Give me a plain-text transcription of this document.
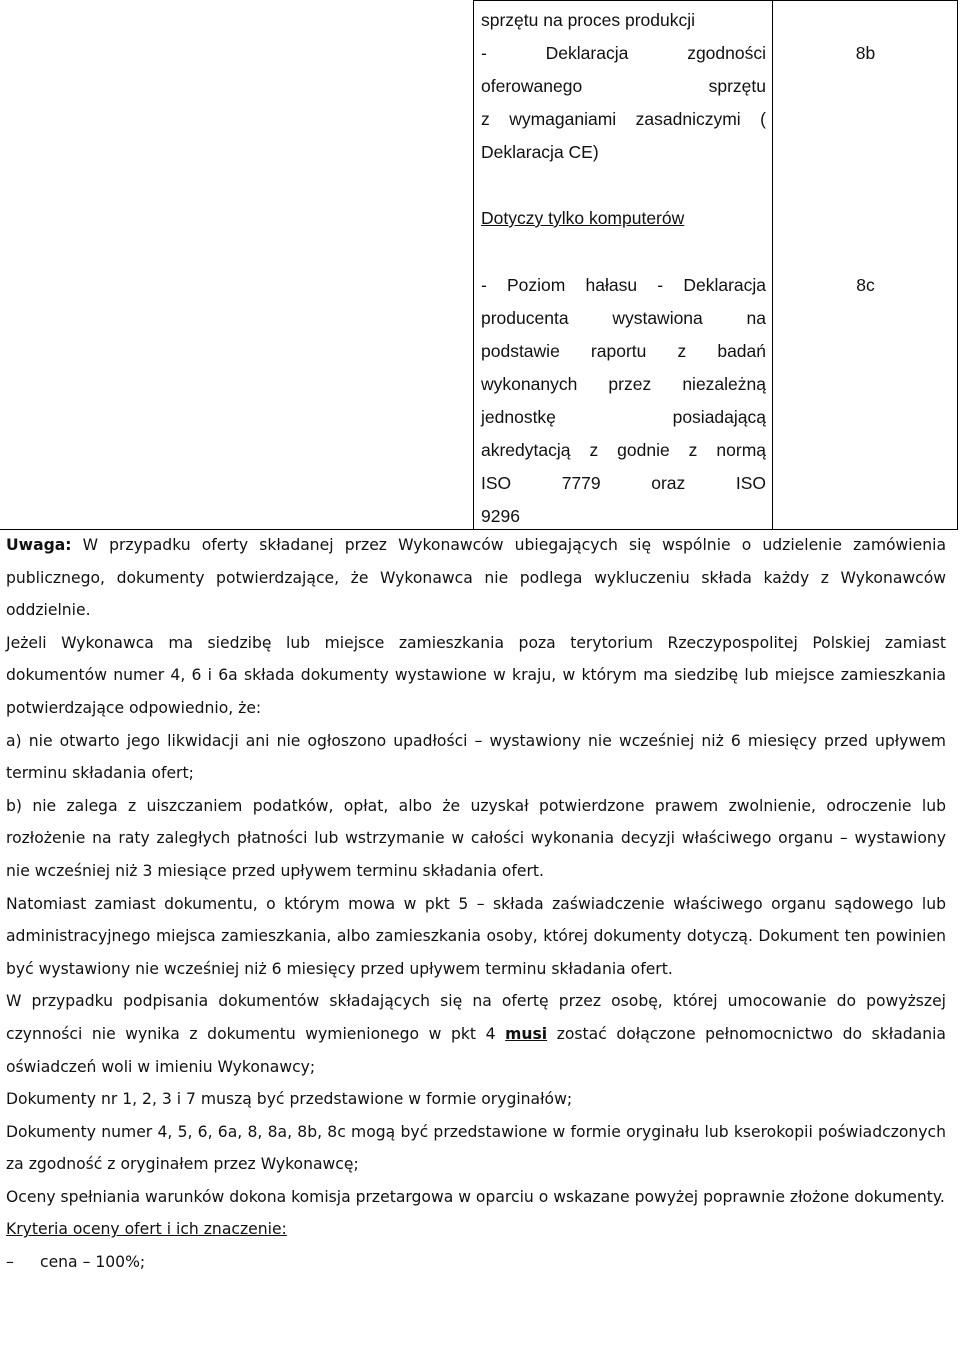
sprzętu na proces produkcji

- Deklaracja zgodności

oferowanego sprzętu

z wymaganiami zasadniczymi (

Deklaracja CE)

8b

Dotyczy tylko komputerów

- Poziom hałasu - Deklaracja

producenta wystawiona na

podstawie raportu z badań

wykonanych przez niezależną

jednostkę posiadającą

akredytacją z godnie z normą

ISO 7779 oraz ISO

9296

8c

Uwaga: W przypadku oferty składanej przez Wykonawców ubiegających się wspólnie o udzielenie zamówienia publicznego, dokumenty potwierdzające, że Wykonawca nie podlega wykluczeniu składa każdy z Wykonawców oddzielnie.

Jeżeli Wykonawca ma siedzibę lub miejsce zamieszkania poza terytorium Rzeczypospolitej Polskiej zamiast dokumentów numer 4, 6 i 6a składa dokumenty wystawione w kraju, w którym ma siedzibę lub miejsce zamieszkania potwierdzające odpowiednio, że:

a) nie otwarto jego likwidacji ani nie ogłoszono upadłości – wystawiony nie wcześniej niż 6 miesięcy przed upływem terminu składania ofert;

b) nie zalega z uiszczaniem podatków, opłat, albo że uzyskał potwierdzone prawem zwolnienie, odroczenie lub rozłożenie na raty zaległych płatności lub wstrzymanie w całości wykonania decyzji właściwego organu – wystawiony nie wcześniej niż 3 miesiące przed upływem terminu składania ofert.

Natomiast zamiast dokumentu, o którym mowa w pkt 5 – składa zaświadczenie właściwego organu sądowego lub administracyjnego miejsca zamieszkania, albo zamieszkania osoby, której dokumenty dotyczą. Dokument ten powinien być wystawiony nie wcześniej niż 6 miesięcy przed upływem terminu składania ofert.

W przypadku podpisania dokumentów składających się na ofertę przez osobę, której umocowanie do powyższej czynności nie wynika z dokumentu wymienionego w pkt 4 musi zostać dołączone pełnomocnictwo do składania oświadczeń woli w imieniu Wykonawcy;

Dokumenty nr 1, 2, 3 i 7 muszą być przedstawione w formie oryginałów;

Dokumenty numer 4, 5, 6, 6a, 8, 8a, 8b, 8c mogą być przedstawione w formie oryginału lub kserokopii poświadczonych za zgodność z oryginałem przez Wykonawcę;

Oceny spełniania warunków dokona komisja przetargowa w oparciu o wskazane powyżej poprawnie złożone dokumenty.

Kryteria oceny ofert i ich znaczenie:

– cena – 100%;
